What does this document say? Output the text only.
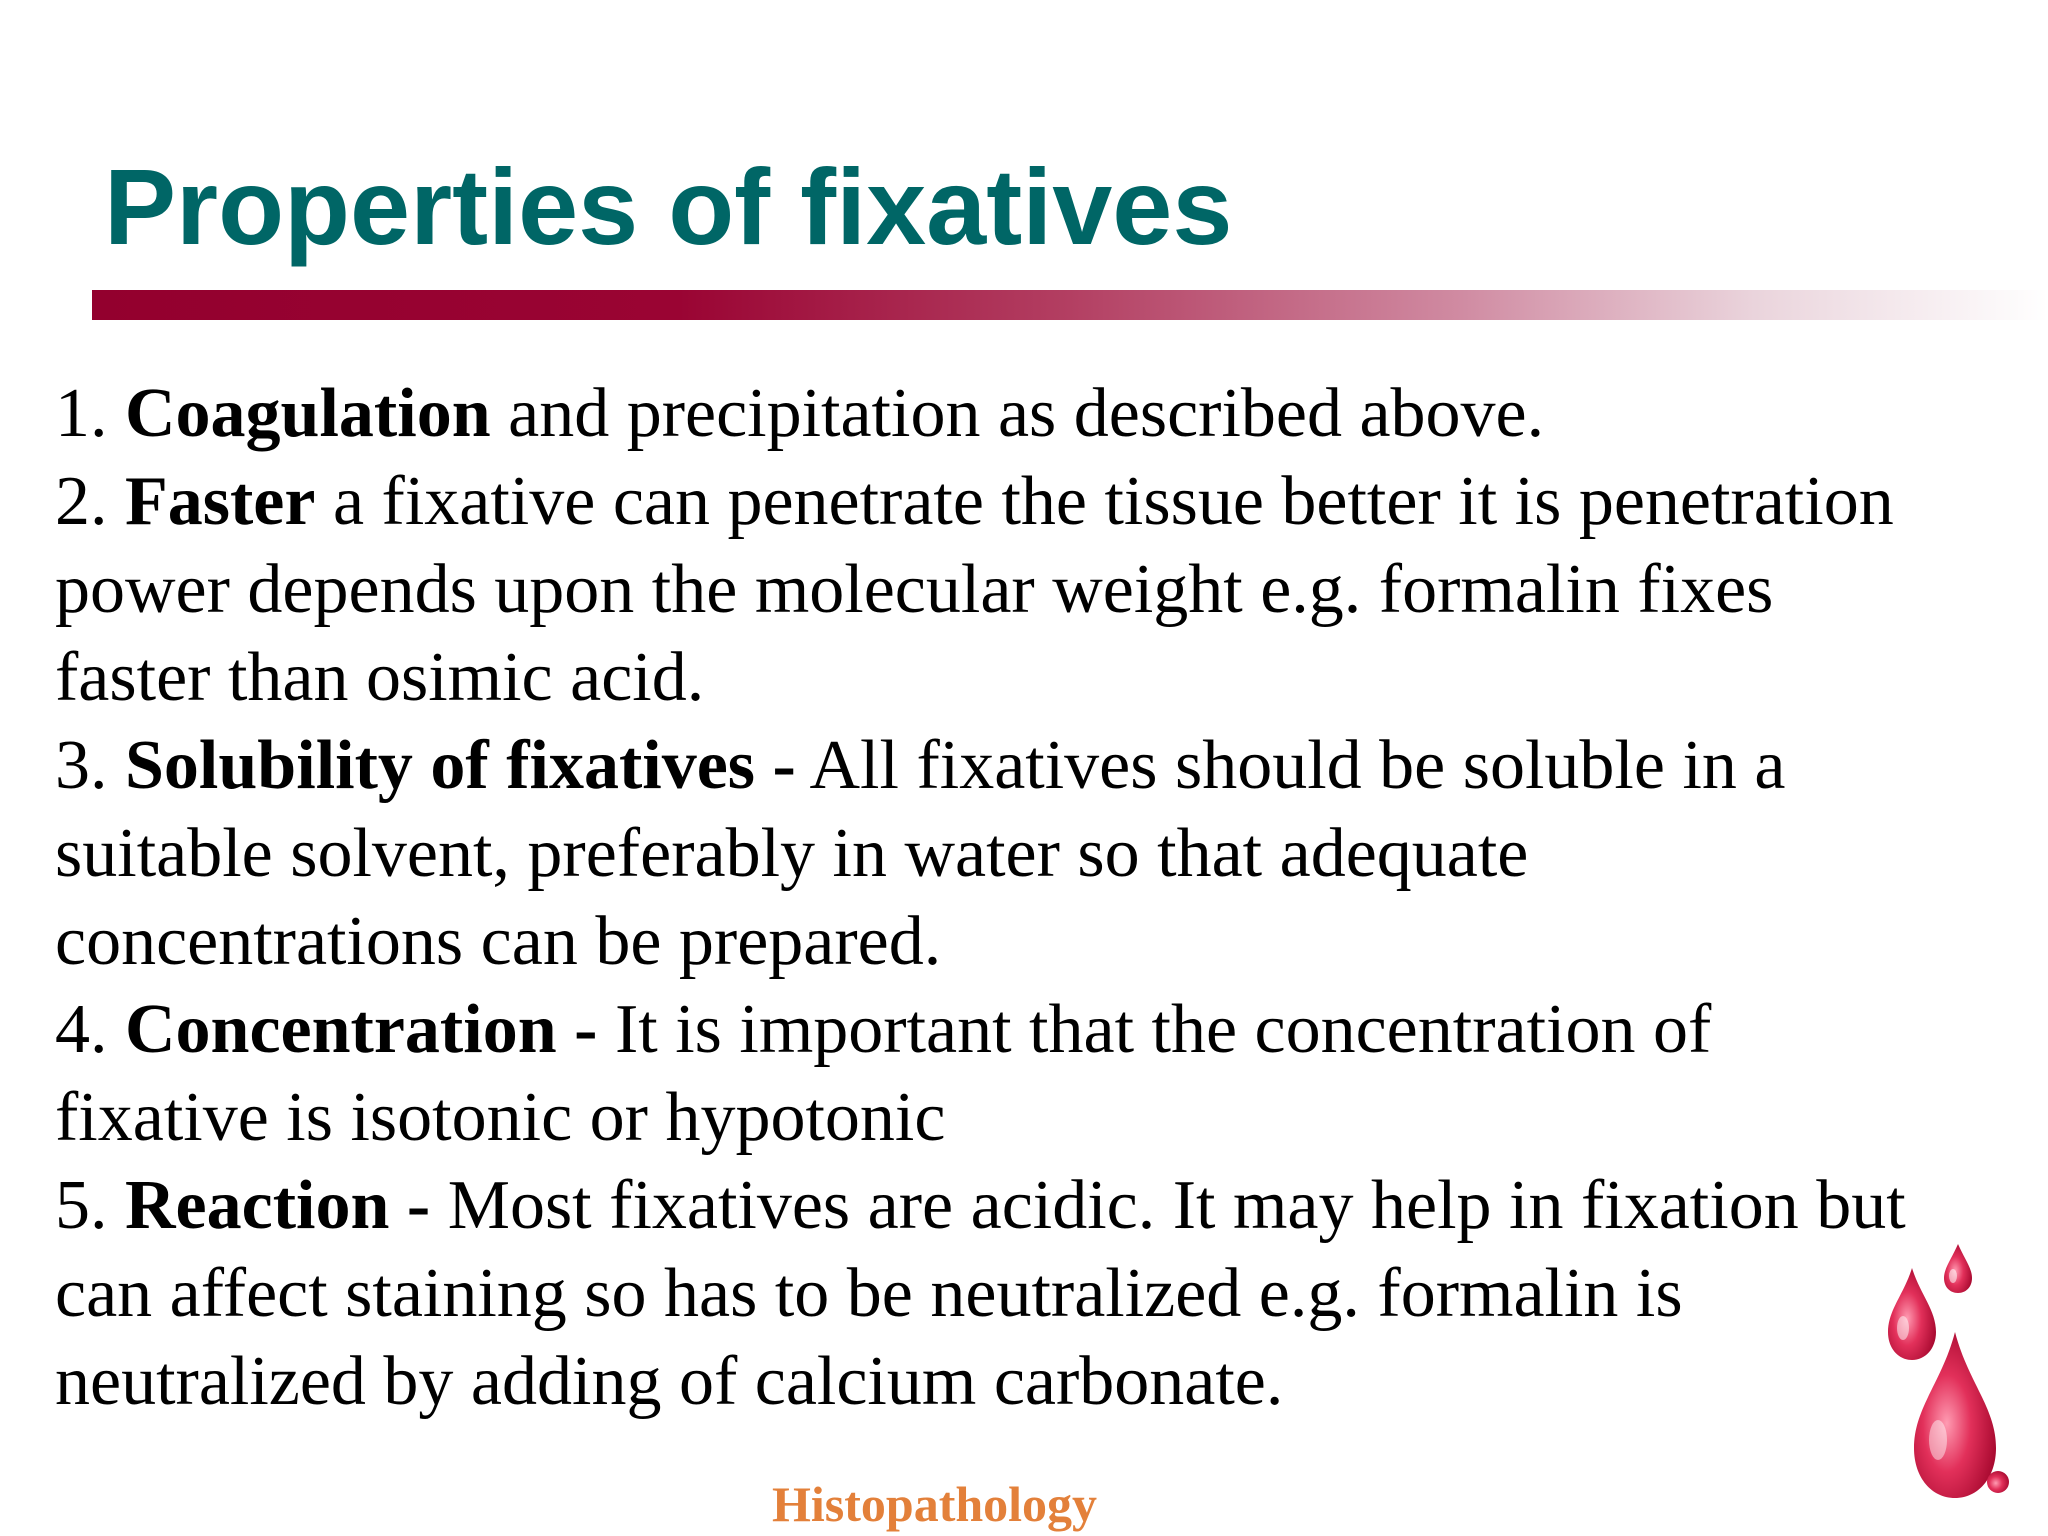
Properties of fixatives

1. Coagulation and precipitation as described above.

2. Faster a fixative can penetrate the tissue better it is penetration
power depends upon the molecular weight e.g. formalin fixes
faster than osimic acid.

3. Solubility of fixatives - All fixatives should be soluble in a
suitable solvent, preferably in water so that adequate
concentrations can be prepared.

4. Concentration - It is important that the concentration of
fixative is isotonic or hypotonic

5. Reaction - Most fixatives are acidic. It may help in fixation but
can affect staining so has to be neutralized e.g. formalin is
neutralized by adding of calcium carbonate.

Histopathology
